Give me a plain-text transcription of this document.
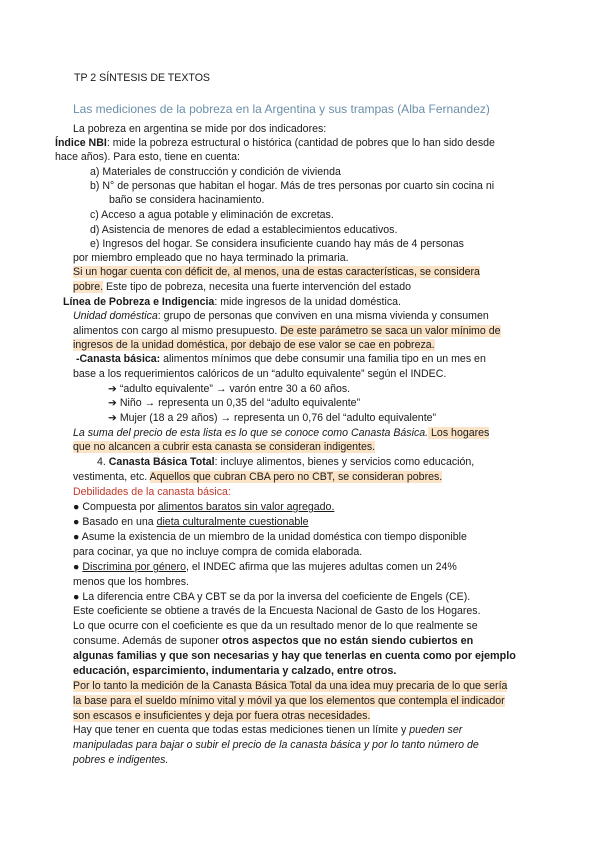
TP 2 SÍNTESIS DE TEXTOS
Las mediciones de la pobreza en la Argentina y sus trampas (Alba Fernandez)
La pobreza en argentina se mide por dos indicadores:
Índice NBI: mide la pobreza estructural o histórica (cantidad de pobres que lo han sido desde
hace años). Para esto, tiene en cuenta:
a) Materiales de construcción y condición de vivienda
b) N° de personas que habitan el hogar. Más de tres personas por cuarto sin cocina ni
baño se considera hacinamiento.
c) Acceso a agua potable y eliminación de excretas.
d) Asistencia de menores de edad a establecimientos educativos.
e) Ingresos del hogar. Se considera insuficiente cuando hay más de 4 personas
por miembro empleado que no haya terminado la primaria.
Si un hogar cuenta con déficit de, al menos, una de estas características, se considera
pobre. Este tipo de pobreza, necesita una fuerte intervención del estado
Línea de Pobreza e Indigencia: mide ingresos de la unidad doméstica.
Unidad doméstica: grupo de personas que conviven en una misma vivienda y consumen
alimentos con cargo al mismo presupuesto. De este parámetro se saca un valor mínimo de
ingresos de la unidad doméstica, por debajo de ese valor se cae en pobreza.
-Canasta básica: alimentos mínimos que debe consumir una familia tipo en un mes en
base a los requerimientos calóricos de un “adulto equivalente” según el INDEC.
➔ “adulto equivalente” → varón entre 30 a 60 años.
➔ Niño → representa un 0,35 del “adulto equivalente”
➔ Mujer (18 a 29 años) → representa un 0,76 del “adulto equivalente”
La suma del precio de esta lista es lo que se conoce como Canasta Básica. Los hogares
que no alcancen a cubrir esta canasta se consideran indigentes.
4. Canasta Básica Total: incluye alimentos, bienes y servicios como educación,
vestimenta, etc. Aquellos que cubran CBA pero no CBT, se consideran pobres.
Debilidades de la canasta básica:
● Compuesta por alimentos baratos sin valor agregado.
● Basado en una dieta culturalmente cuestionable
● Asume la existencia de un miembro de la unidad doméstica con tiempo disponible
para cocinar, ya que no incluye compra de comida elaborada.
● Discrimina por género, el INDEC afirma que las mujeres adultas comen un 24%
menos que los hombres.
● La diferencia entre CBA y CBT se da por la inversa del coeficiente de Engels (CE).
Este coeficiente se obtiene a través de la Encuesta Nacional de Gasto de los Hogares.
Lo que ocurre con el coeficiente es que da un resultado menor de lo que realmente se
consume. Además de suponer otros aspectos que no están siendo cubiertos en
algunas familias y que son necesarias y hay que tenerlas en cuenta como por ejemplo
educación, esparcimiento, indumentaria y calzado, entre otros.
Por lo tanto la medición de la Canasta Básica Total da una idea muy precaria de lo que sería
la base para el sueldo mínimo vital y móvil ya que los elementos que contempla el indicador
son escasos e insuficientes y deja por fuera otras necesidades.
Hay que tener en cuenta que todas estas mediciones tienen un límite y pueden ser
manipuladas para bajar o subir el precio de la canasta básica y por lo tanto número de
pobres e indigentes.
